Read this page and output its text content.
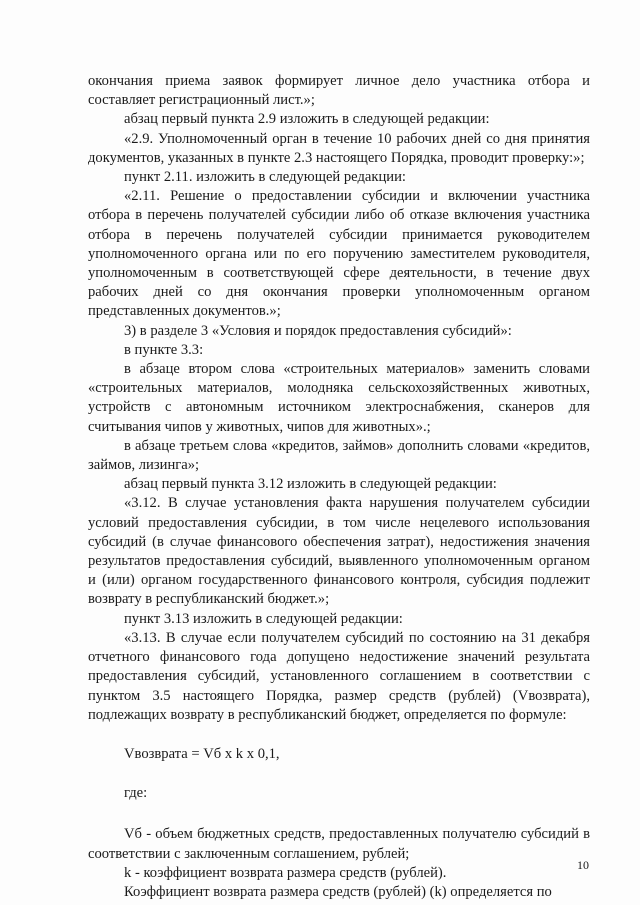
окончания приема заявок формирует личное дело участника отбора и составляет регистрационный лист.»;

абзац первый пункта 2.9 изложить в следующей редакции:

«2.9. Уполномоченный орган в течение 10 рабочих дней со дня принятия документов, указанных в пункте 2.3 настоящего Порядка, проводит проверку:»;

пункт 2.11. изложить в следующей редакции:

«2.11. Решение о предоставлении субсидии и включении участника отбора в перечень получателей субсидии либо об отказе включения участника отбора в перечень получателей субсидии принимается руководителем уполномоченного органа или по его поручению заместителем руководителя, уполномоченным в соответствующей сфере деятельности, в течение двух рабочих дней со дня окончания проверки уполномоченным органом представленных документов.»;

3) в разделе 3 «Условия и порядок предоставления субсидий»:

в пункте 3.3:

в абзаце втором слова «строительных материалов» заменить словами «строительных материалов, молодняка сельскохозяйственных животных, устройств с автономным источником электроснабжения, сканеров для считывания чипов у животных, чипов для животных».;

в абзаце третьем слова «кредитов, займов» дополнить словами «кредитов, займов, лизинга»;

абзац первый пункта 3.12 изложить в следующей редакции:

«3.12. В случае установления факта нарушения получателем субсидии условий предоставления субсидии, в том числе нецелевого использования субсидий (в случае финансового обеспечения затрат), недостижения значения результатов предоставления субсидий, выявленного уполномоченным органом и (или) органом государственного финансового контроля, субсидия подлежит возврату в республиканский бюджет.»;

пункт 3.13 изложить в следующей редакции:

«3.13. В случае если получателем субсидий по состоянию на 31 декабря отчетного финансового года допущено недостижение значений результата предоставления субсидий, установленного соглашением в соответствии с пунктом 3.5 настоящего Порядка, размер средств (рублей) (Vвозврата), подлежащих возврату в республиканский бюджет, определяется по формуле:

Vвозврата = Vб x k x 0,1,

где:

Vб - объем бюджетных средств, предоставленных получателю субсидий в соответствии с заключенным соглашением, рублей;

k - коэффициент возврата размера средств (рублей).

Коэффициент возврата размера средств (рублей) (k) определяется по

10
